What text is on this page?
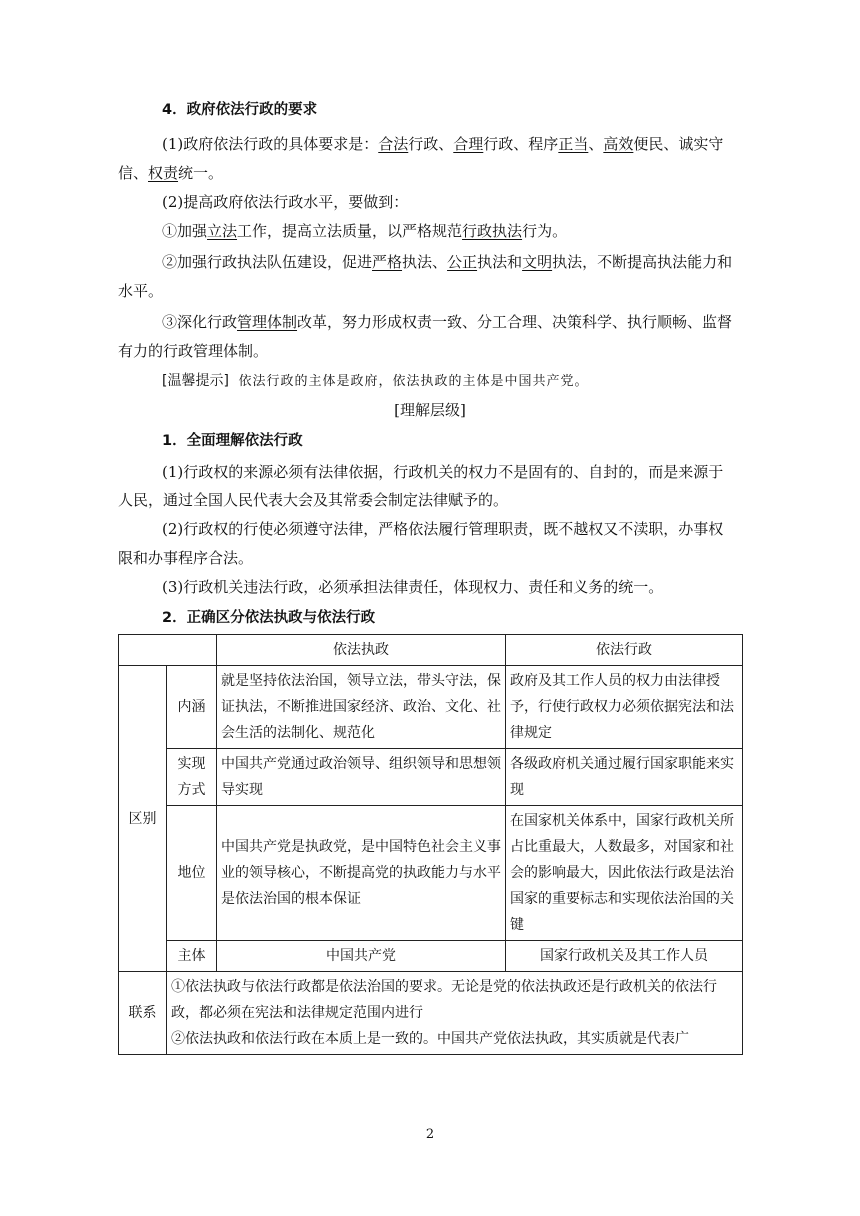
4．政府依法行政的要求
(1)政府依法行政的具体要求是：合法行政、合理行政、程序正当、高效便民、诚实守
信、权责统一。
(2)提高政府依法行政水平，要做到：
①加强立法工作，提高立法质量，以严格规范行政执法行为。
②加强行政执法队伍建设，促进严格执法、公正执法和文明执法，不断提高执法能力和
水平。
③深化行政管理体制改革，努力形成权责一致、分工合理、决策科学、执行顺畅、监督
有力的行政管理体制。
[温馨提示] 依法行政的主体是政府，依法执政的主体是中国共产党。
[理解层级]
1．全面理解依法行政
(1)行政权的来源必须有法律依据，行政机关的权力不是固有的、自封的，而是来源于
人民，通过全国人民代表大会及其常委会制定法律赋予的。
(2)行政权的行使必须遵守法律，严格依法履行管理职责，既不越权又不渎职，办事权
限和办事程序合法。
(3)行政机关违法行政，必须承担法律责任，体现权力、责任和义务的统一。
2．正确区分依法执政与依法行政
		依法执政	依法行政
区别	内涵	就是坚持依法治国，领导立法，带头守法，保证执法，不断推进国家经济、政治、文化、社会生活的法制化、规范化	政府及其工作人员的权力由法律授予，行使行政权力必须依据宪法和法律规定
	实现方式	中国共产党通过政治领导、组织领导和思想领导实现	各级政府机关通过履行国家职能来实现
	地位	中国共产党是执政党，是中国特色社会主义事业的领导核心，不断提高党的执政能力与水平是依法治国的根本保证	在国家机关体系中，国家行政机关所占比重最大，人数最多，对国家和社会的影响最大，因此依法行政是法治国家的重要标志和实现依法治国的关键
	主体	中国共产党	国家行政机关及其工作人员
联系	①依法执政与依法行政都是依法治国的要求。无论是党的依法执政还是行政机关的依法行政，都必须在宪法和法律规定范围内进行
②依法执政和依法行政在本质上是一致的。中国共产党依法执政，其实质就是代表广		
2
